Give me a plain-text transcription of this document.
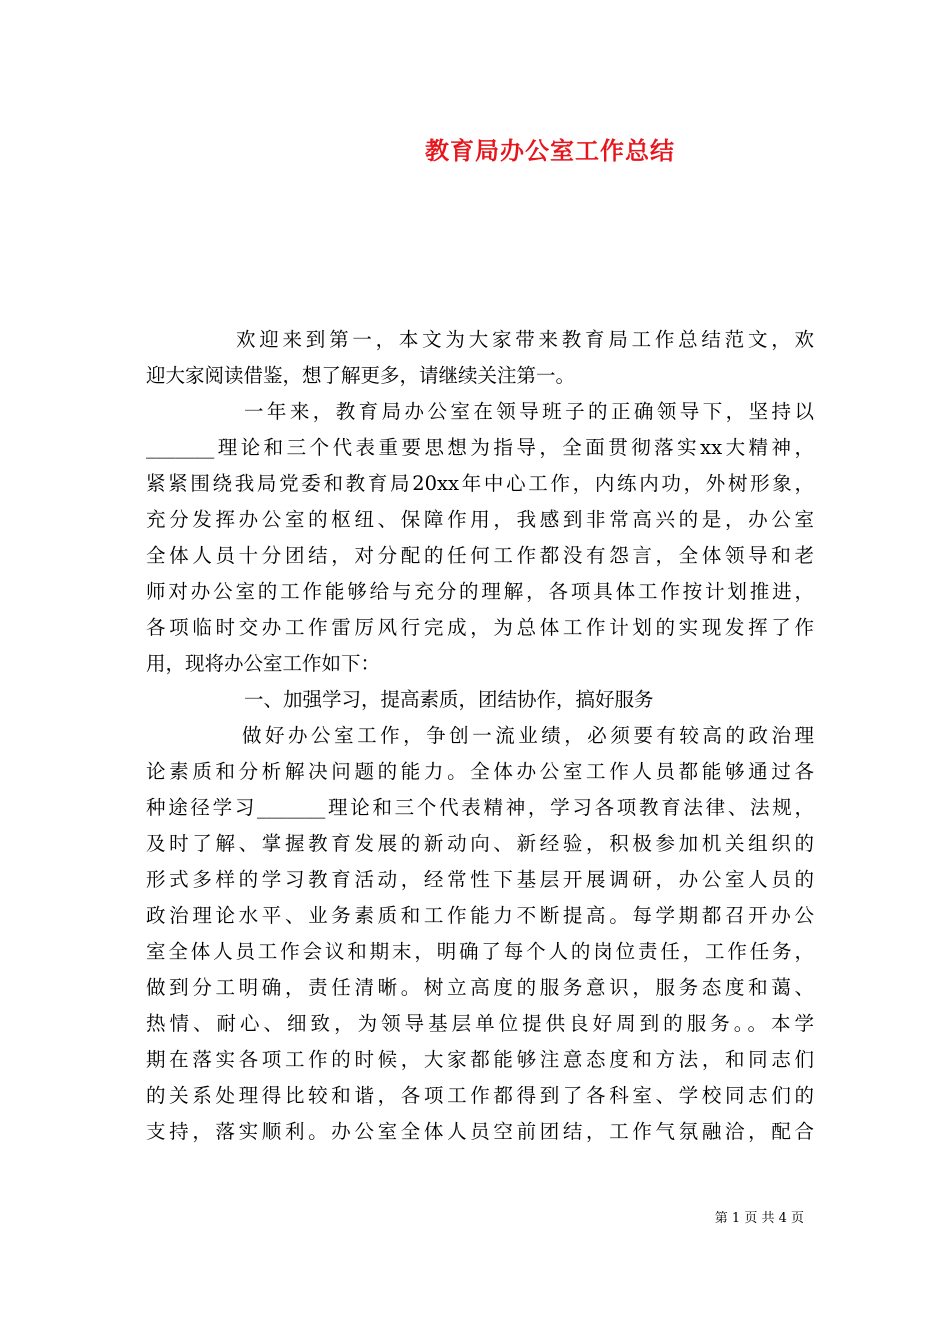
教育局办公室工作总结
欢迎来到第一，本文为大家带来教育局工作总结范文，欢
迎大家阅读借鉴，想了解更多，请继续关注第一。
一年来，教育局办公室在领导班子的正确领导下，坚持以
_______理论和三个代表重要思想为指导，全面贯彻落实xx大精神，
紧紧围绕我局党委和教育局20xx年中心工作，内练内功，外树形象，
充分发挥办公室的枢纽、保障作用，我感到非常高兴的是，办公室
全体人员十分团结，对分配的任何工作都没有怨言，全体领导和老
师对办公室的工作能够给与充分的理解，各项具体工作按计划推进，
各项临时交办工作雷厉风行完成，为总体工作计划的实现发挥了作
用，现将办公室工作如下：
一、加强学习，提高素质，团结协作，搞好服务
做好办公室工作，争创一流业绩，必须要有较高的政治理
论素质和分析解决问题的能力。全体办公室工作人员都能够通过各
种途径学习_______理论和三个代表精神，学习各项教育法律、法规，
及时了解、掌握教育发展的新动向、新经验，积极参加机关组织的
形式多样的学习教育活动，经常性下基层开展调研，办公室人员的
政治理论水平、业务素质和工作能力不断提高。每学期都召开办公
室全体人员工作会议和期末，明确了每个人的岗位责任，工作任务，
做到分工明确，责任清晰。树立高度的服务意识，服务态度和蔼、
热情、耐心、细致，为领导基层单位提供良好周到的服务。。本学
期在落实各项工作的时候，大家都能够注意态度和方法，和同志们
的关系处理得比较和谐，各项工作都得到了各科室、学校同志们的
支持，落实顺利。办公室全体人员空前团结，工作气氛融洽，配合
第 1 页 共 4 页
